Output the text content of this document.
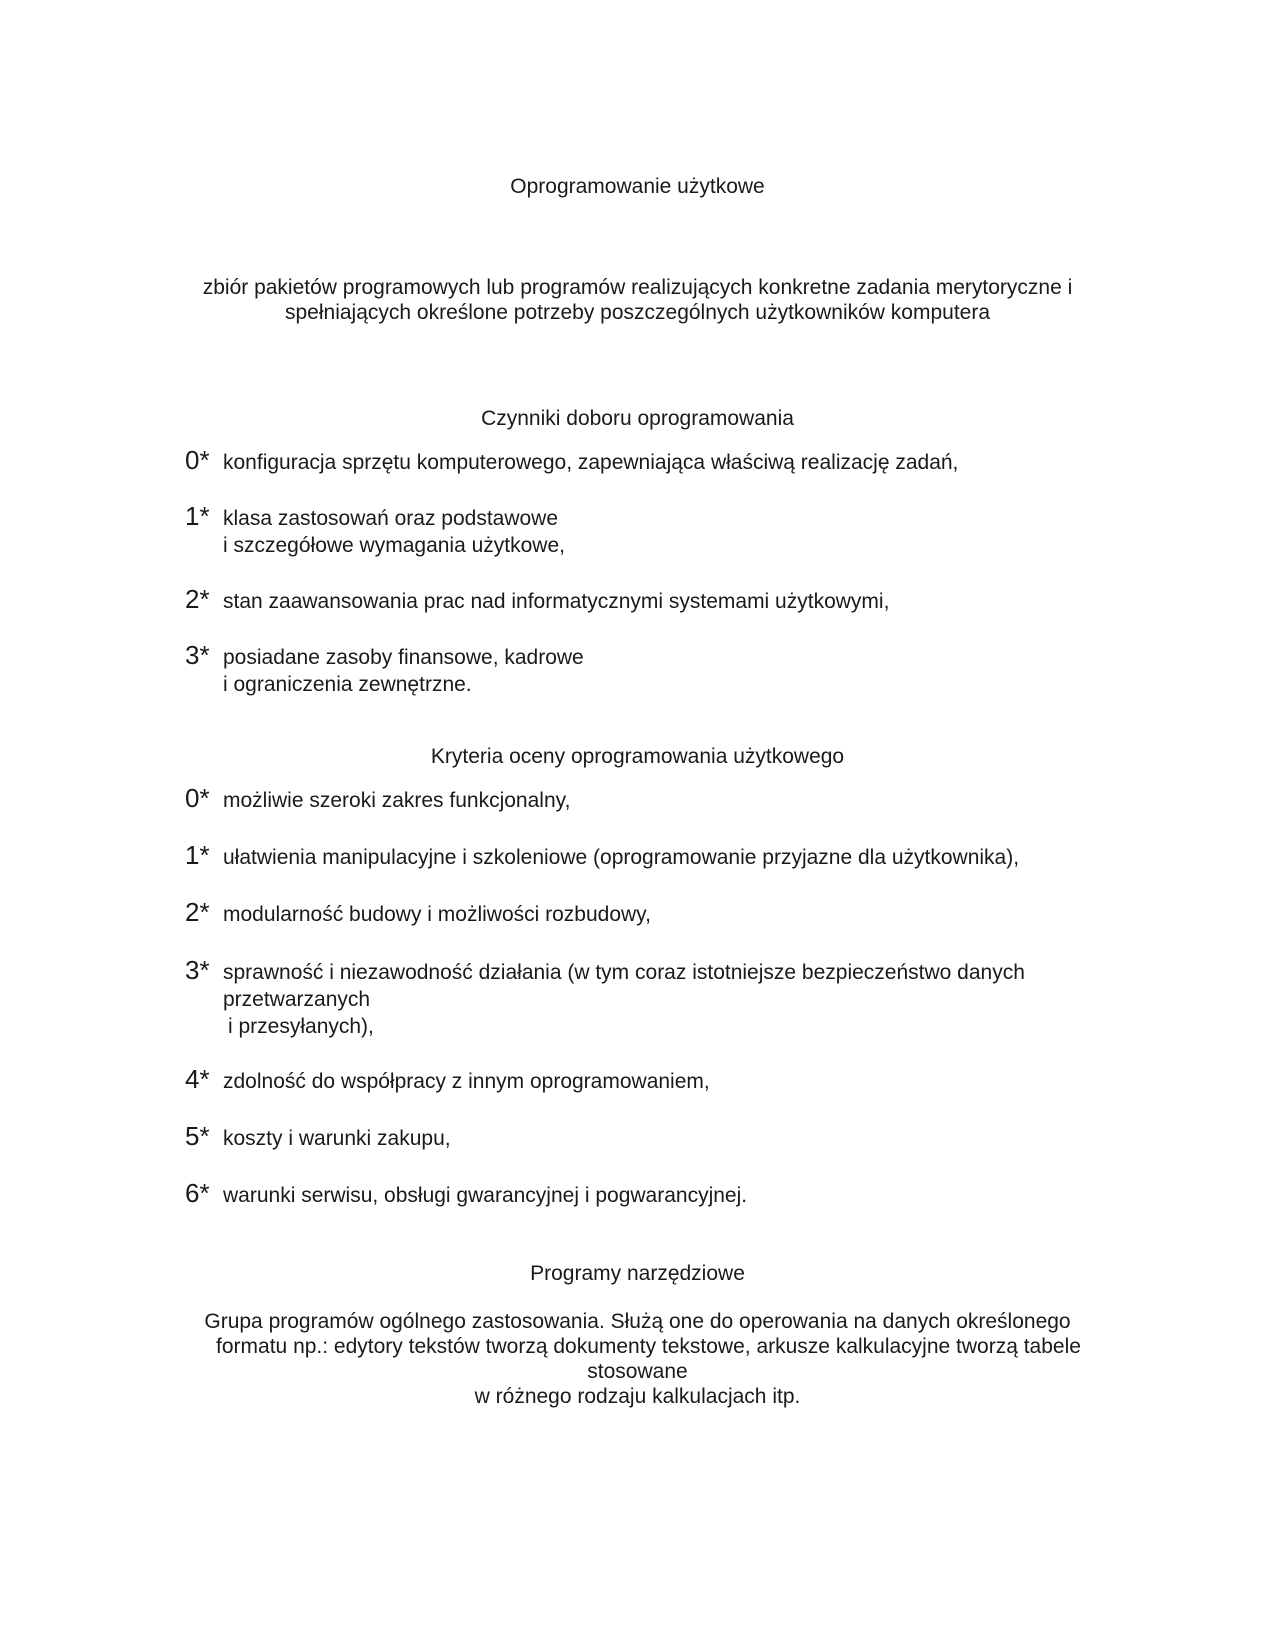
Oprogramowanie użytkowe
zbiór pakietów programowych lub programów realizujących konkretne zadania merytoryczne i
spełniających określone potrzeby poszczególnych użytkowników komputera
Czynniki doboru oprogramowania
0* konfiguracja sprzętu komputerowego, zapewniająca właściwą realizację zadań,
1* klasa zastosowań oraz podstawowe
i szczegółowe wymagania użytkowe,
2* stan zaawansowania prac nad informatycznymi systemami użytkowymi,
3* posiadane zasoby finansowe, kadrowe
i ograniczenia zewnętrzne.
Kryteria oceny oprogramowania użytkowego
0* możliwie szeroki zakres funkcjonalny,
1* ułatwienia manipulacyjne i szkoleniowe (oprogramowanie przyjazne dla użytkownika),
2* modularność budowy i możliwości rozbudowy,
3* sprawność i niezawodność działania (w tym coraz istotniejsze bezpieczeństwo danych
przetwarzanych
i przesyłanych),
4* zdolność do współpracy z innym oprogramowaniem,
5* koszty i warunki zakupu,
6* warunki serwisu, obsługi gwarancyjnej i pogwarancyjnej.
Programy narzędziowe
Grupa programów ogólnego zastosowania. Służą one do operowania na danych określonego
formatu np.: edytory tekstów tworzą dokumenty tekstowe, arkusze kalkulacyjne tworzą tabele
stosowane
w różnego rodzaju kalkulacjach itp.
